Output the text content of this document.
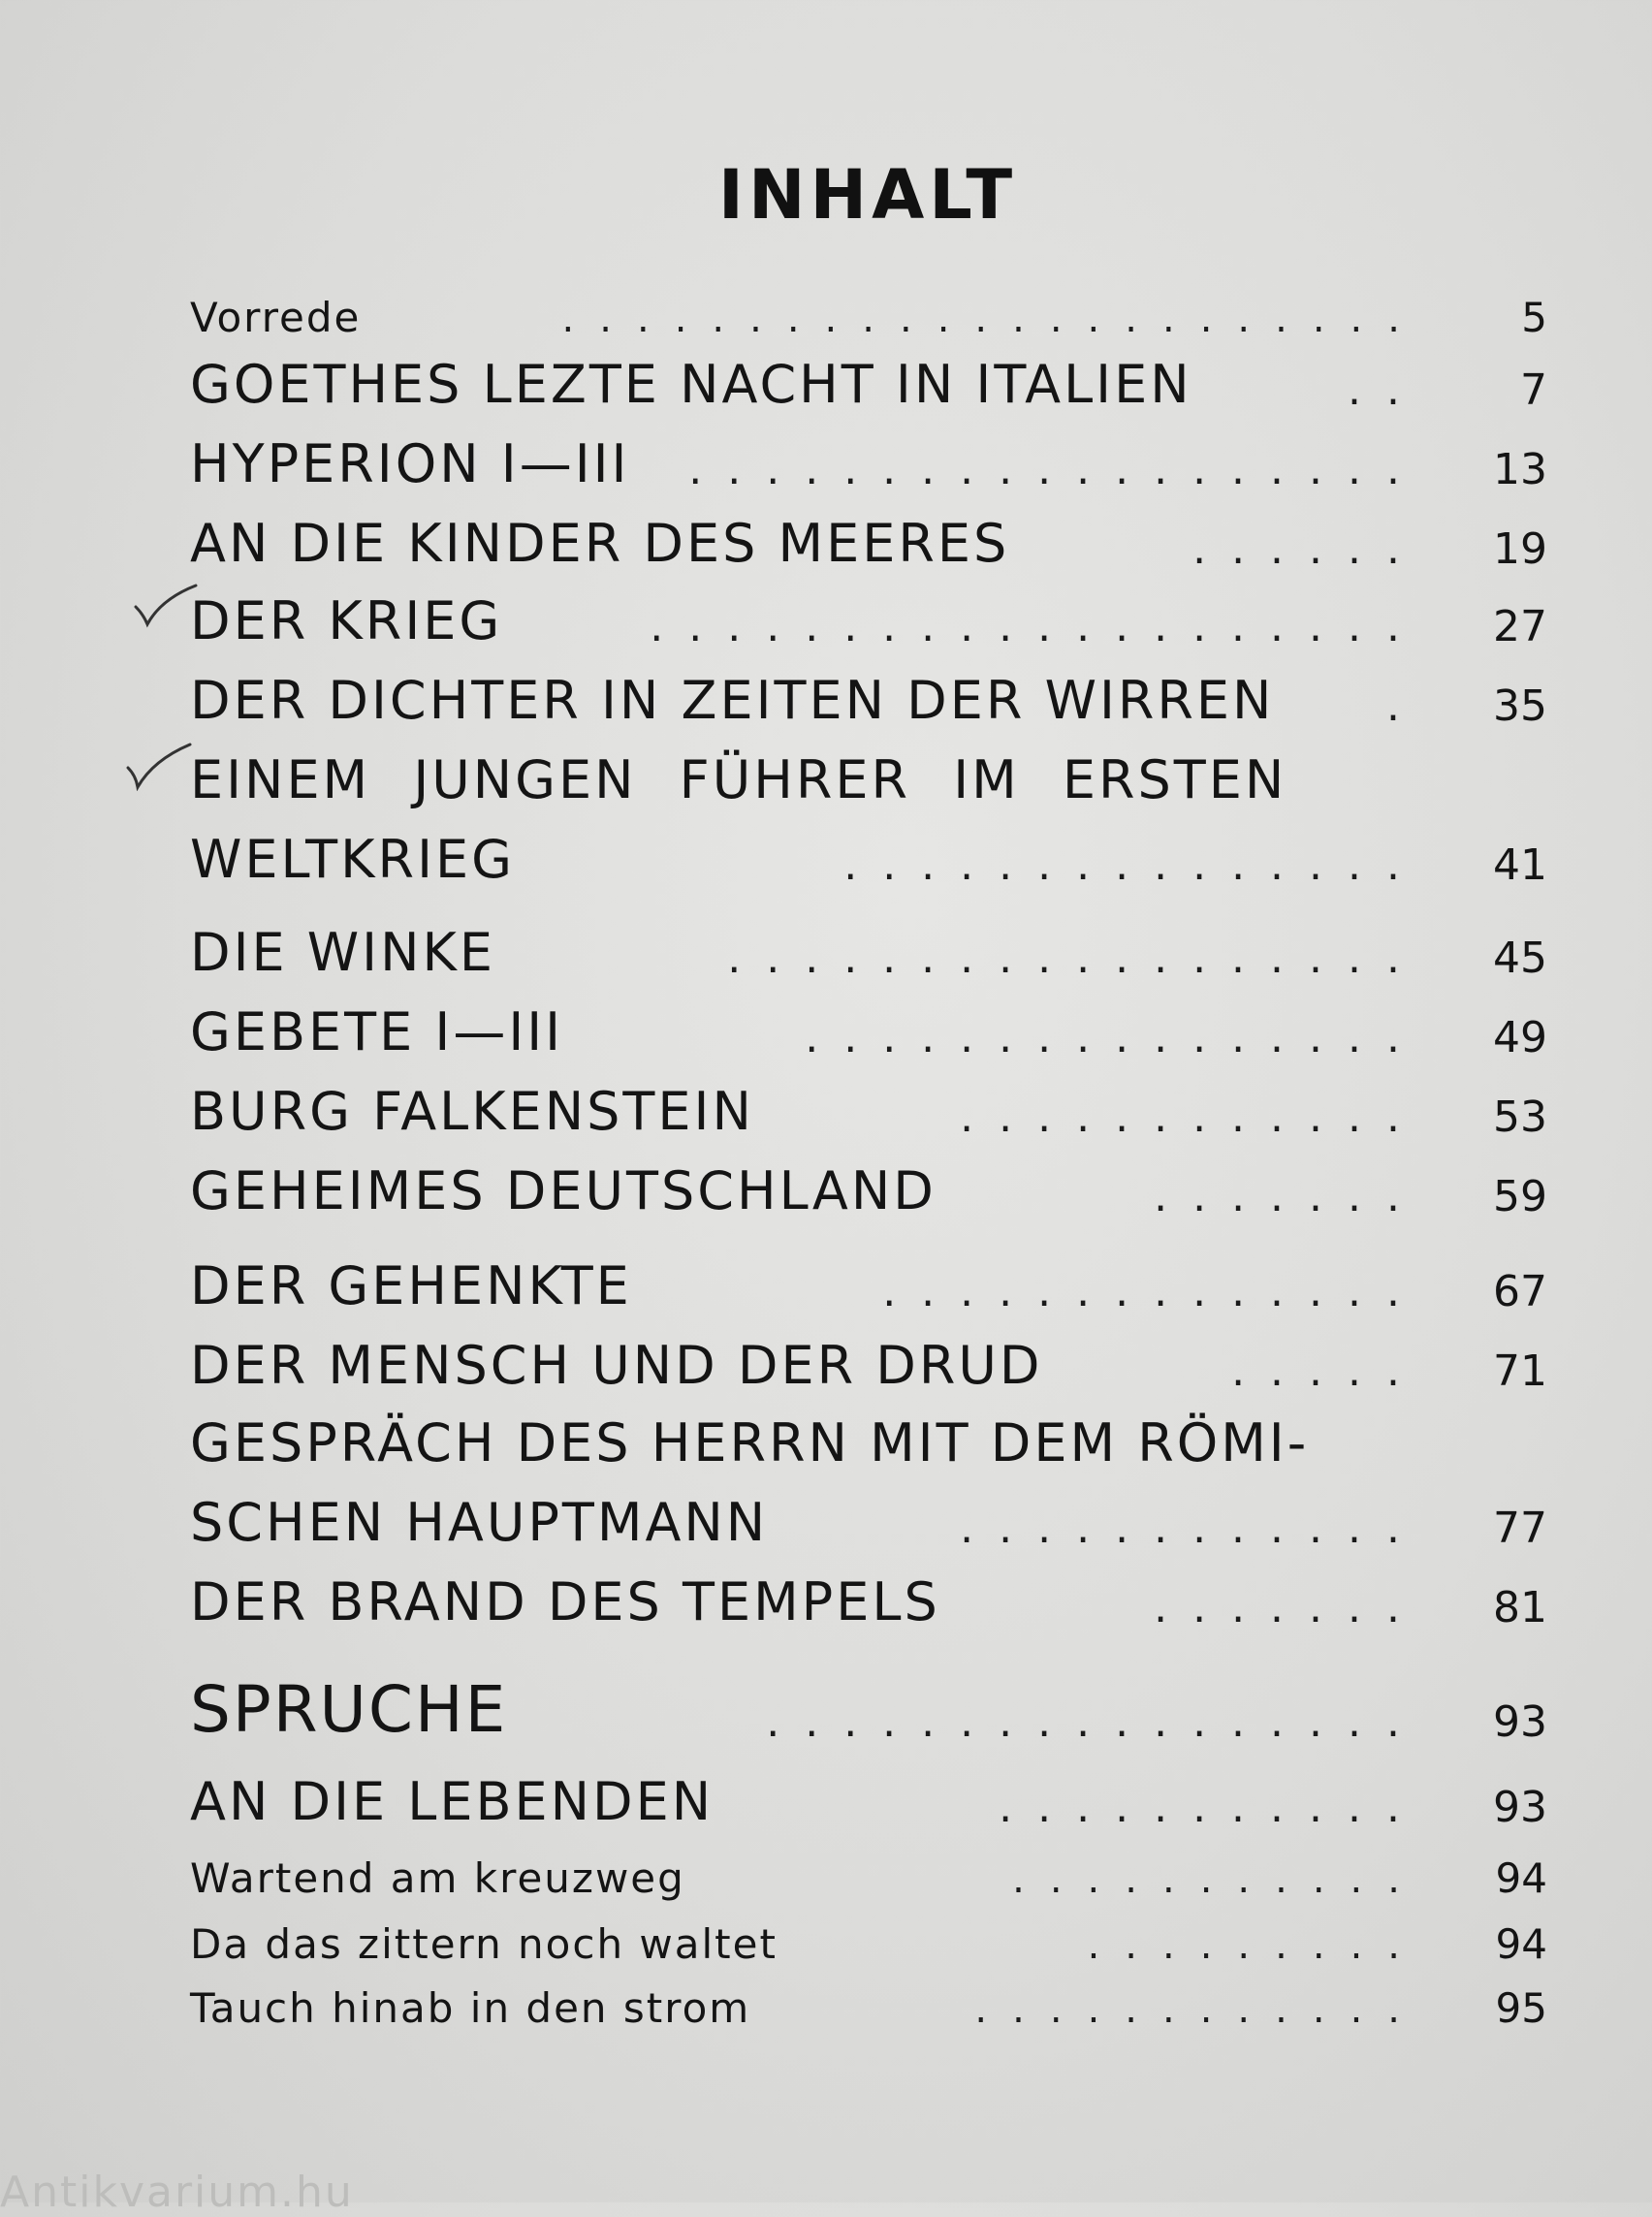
INHALT
Vorrede	....................... 5
GOETHES LEZTE NACHT IN ITALIEN	.. 7
HYPERION I—III ................... 13
AN DIE KINDER DES MEERES	...... 19
DER KRIEG	.................... 27
DER DICHTER IN ZEITEN DER WIRREN	. 35
EINEM JUNGEN FÜHRER IM ERSTEN
WELTKRIEG	............... 41
DIE WINKE	.................. 45
GEBETE I—III	................ 49
BURG FALKENSTEIN	............ 53
GEHEIMES DEUTSCHLAND	....... 59
DER GEHENKTE	.............. 67
DER MENSCH UND DER DRUD	..... 71
GESPRÄCH DES HERRN MIT DEM RÖMI-
SCHEN HAUPTMANN	............ 77
DER BRAND DES TEMPELS	....... 81
SPRUCHE	................. 93
AN DIE LEBENDEN	........... 93
Wartend am kreuzweg	........... 94
Da das zittern noch waltet	......... 94
Tauch hinab in den strom	............ 95
Antikvarium.hu
